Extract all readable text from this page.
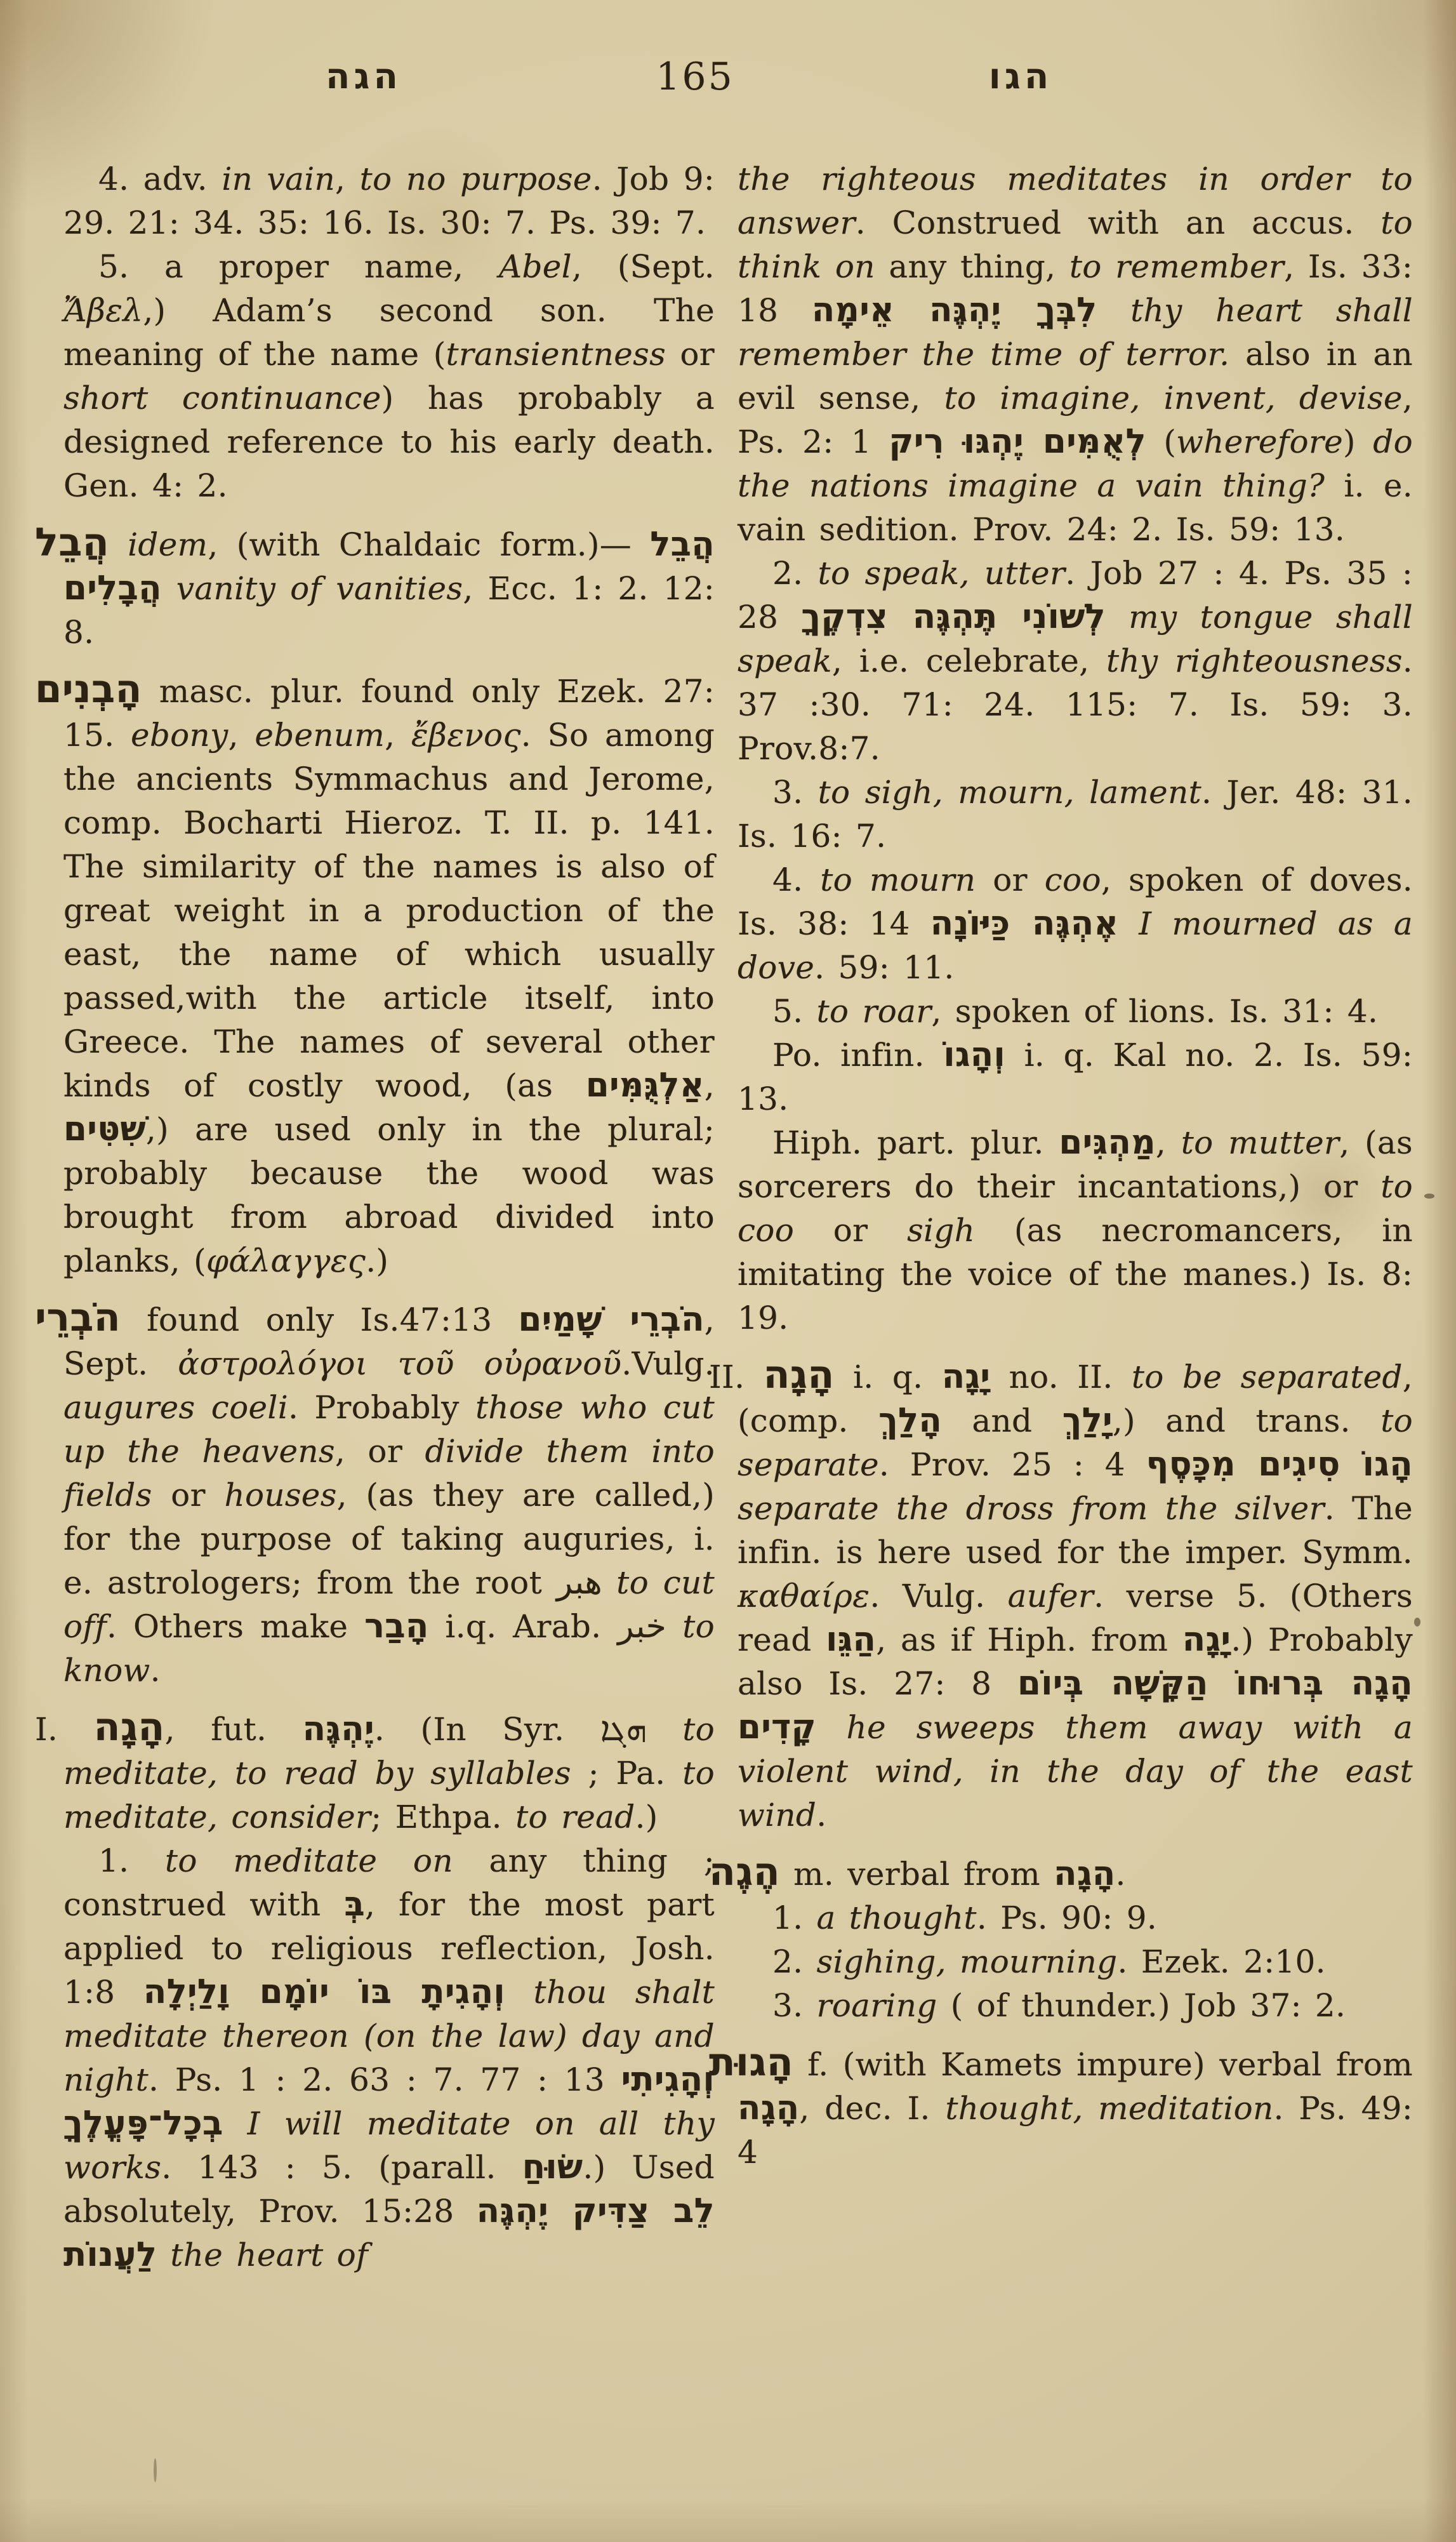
הגה	165	הגו

4. adv. in vain, to no purpose. Job 9: 29. 21: 34. 35: 16. Is. 30: 7. Ps. 39: 7.

5. a proper name, Abel, (Sept. Ἄβελ,) Adam’s second son. The meaning of the name (transientness or short continuance) has probably a designed reference to his early death. Gen. 4: 2.

הֲבֵל idem, (with Chaldaic form.)— הֲבֵל הֲבָלִים vanity of vanities, Ecc. 1: 2. 12: 8.

הָבְנִים masc. plur. found only Ezek. 27: 15. ebony, ebenum, ἔβενος. So among the ancients Symmachus and Jerome, comp. Bocharti Hieroz. T. II. p. 141. The similarity of the names is also of great weight in a production of the east, the name of which usually passed,with the article itself, into Greece. The names of several other kinds of costly wood, (as אַלְגֻּמִּים, שִׁטִּים,) are used only in the plural; probably because the wood was brought from abroad divided into planks, (φάλαγγες.)

הֹבְרֵי found only Is.47:13 הֹבְרֵי שָׁמַיִם, Sept. ἀστρολόγοι τοῦ οὐρανοῦ.Vulg. augures coeli. Probably those who cut up the heavens, or divide them into fields or houses, (as they are called,) for the purpose of taking auguries, i. e. astrologers; from the root هبر to cut off. Others make הָבַר i.q. Arab. خبر to know.

I. הָגָה, fut. יֶהְגֶּה. (In Syr. ܗܓܐ to meditate, to read by syllables ; Pa. to meditate, consider; Ethpa. to read.)

1. to meditate on any thing ; construed with בְּ, for the most part applied to religious reflection, Josh. 1:8 וְהָגִיתָ בּוֹ יוֹמָם וָלַיְלָה thou shalt meditate thereon (on the law) day and night. Ps. 1 : 2. 63 : 7. 77 : 13 וְהָגִיתִי בְכָל־פָּעֳלֶךָ I will meditate on all thy works. 143 : 5. (parall. שׂוּחַ.) Used absolutely, Prov. 15:28 לֵב צַדִּיק יֶהְגֶּה לַעֲנוֹת the heart of

the righteous meditates in order to answer. Construed with an accus. to think on any thing, to remember, Is. 33: 18 לִבְּךָ יֶהְגֶּה אֵימָה thy heart shall remember the time of terror. also in an evil sense, to imagine, invent, devise, Ps. 2: 1 לְאֻמִּים יֶהְגּוּ רִיק (wherefore) do the nations imagine a vain thing? i. e. vain sedition. Prov. 24: 2. Is. 59: 13.

2. to speak, utter. Job 27 : 4. Ps. 35 : 28 לְשׁוֹנִי תֶּהְגֶּה צִדְקֶךָ my tongue shall speak, i.e. celebrate, thy righteousness. 37 :30. 71: 24. 115: 7. Is. 59: 3. Prov.8:7.

3. to sigh, mourn, lament. Jer. 48: 31. Is. 16: 7.

4. to mourn or coo, spoken of doves. Is. 38: 14 אֶהְגֶּה כַּיּוֹנָה I mourned as a dove. 59: 11.

5. to roar, spoken of lions. Is. 31: 4.

Po. infin. וְהָגוֹ i. q. Kal no. 2. Is. 59: 13.

Hiph. part. plur. מַהְגִּים, to mutter, (as sorcerers do their incantations,) or to coo or sigh (as necromancers, in imitating the voice of the manes.) Is. 8: 19.

II. הָגָה i. q. יָגָה no. II. to be separated, (comp. הָלַךְ and יָלַךְ,) and trans. to separate. Prov. 25 : 4 הָגוֹ סִיגִים מִכָּסֶף separate the dross from the silver. The infin. is here used for the imper. Symm. καθαίρε. Vulg. aufer. verse 5. (Others read הַגֵּו, as if Hiph. from יָגָה.) Probably also Is. 27: 8 הָגָה בְּרוּחוֹ הַקָּשָׁה בְּיוֹם קָדִים he sweeps them away with a violent wind, in the day of the east wind.

הֶגֶה m. verbal from הָגָה.

1. a thought. Ps. 90: 9.

2. sighing, mourning. Ezek. 2:10.

3. roaring ( of thunder.) Job 37: 2.

הָגוּת f. (with Kamets impure) verbal from הָגָה, dec. I. thought, meditation. Ps. 49: 4
